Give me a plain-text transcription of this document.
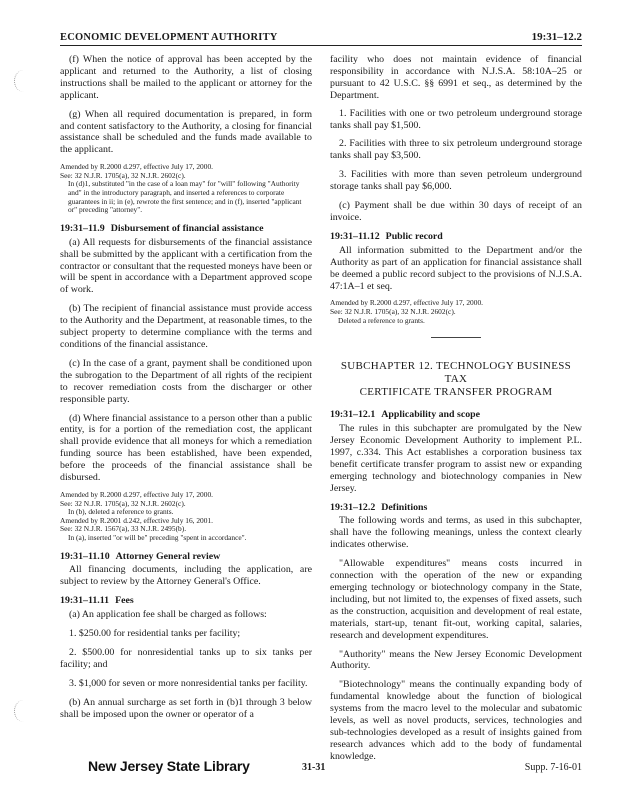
ECONOMIC DEVELOPMENT AUTHORITY	19:31–12.2

(f) When the notice of approval has been accepted by the applicant and returned to the Authority, a list of closing instructions shall be mailed to the applicant or attorney for the applicant.

(g) When all required documentation is prepared, in form and content satisfactory to the Authority, a closing for financial assistance shall be scheduled and the funds made available to the applicant.

Amended by R.2000 d.297, effective July 17, 2000.
See: 32 N.J.R. 1705(a), 32 N.J.R. 2602(c).
In (d)1, substituted "in the case of a loan may" for "will" following "Authority and" in the introductory paragraph, and inserted a references to corporate guarantees in ii; in (e), rewrote the first sentence; and in (f), inserted "applicant or" preceding "attorney".
19:31–11.9 Disbursement of financial assistance

(a) All requests for disbursements of the financial assistance shall be submitted by the applicant with a certification from the contractor or consultant that the requested moneys have been or will be spent in accordance with a Department approved scope of work.

(b) The recipient of financial assistance must provide access to the Authority and the Department, at reasonable times, to the subject property to determine compliance with the terms and conditions of the financial assistance.

(c) In the case of a grant, payment shall be conditioned upon the subrogation to the Department of all rights of the recipient to recover remediation costs from the discharger or other responsible party.

(d) Where financial assistance to a person other than a public entity, is for a portion of the remediation cost, the applicant shall provide evidence that all moneys for which a remediation funding source has been established, have been expended, before the proceeds of the financial assistance shall be disbursed.

Amended by R.2000 d.297, effective July 17, 2000.
See: 32 N.J.R. 1705(a), 32 N.J.R. 2602(c).
In (b), deleted a reference to grants.
Amended by R.2001 d.242, effective July 16, 2001.
See: 32 N.J.R. 1567(a), 33 N.J.R. 2495(b).
In (a), inserted "or will be" preceding "spent in accordance".
19:31–11.10 Attorney General review

All financing documents, including the application, are subject to review by the Attorney General's Office.

19:31–11.11 Fees

(a) An application fee shall be charged as follows:

1. $250.00 for residential tanks per facility;

2. $500.00 for nonresidential tanks up to six tanks per facility; and

3. $1,000 for seven or more nonresidential tanks per facility.

(b) An annual surcharge as set forth in (b)1 through 3 below shall be imposed upon the owner or operator of a

facility who does not maintain evidence of financial responsibility in accordance with N.J.S.A. 58:10A–25 or pursuant to 42 U.S.C. §§ 6991 et seq., as determined by the Department.

1. Facilities with one or two petroleum underground storage tanks shall pay $1,500.

2. Facilities with three to six petroleum underground storage tanks shall pay $3,500.

3. Facilities with more than seven petroleum underground storage tanks shall pay $6,000.

(c) Payment shall be due within 30 days of receipt of an invoice.

19:31–11.12 Public record

All information submitted to the Department and/or the Authority as part of an application for financial assistance shall be deemed a public record subject to the provisions of N.J.S.A. 47:1A–1 et seq.

Amended by R.2000 d.297, effective July 17, 2000.
See: 32 N.J.R. 1705(a), 32 N.J.R. 2602(c).
Deleted a reference to grants.
SUBCHAPTER 12. TECHNOLOGY BUSINESS TAX
CERTIFICATE TRANSFER PROGRAM
19:31–12.1 Applicability and scope

The rules in this subchapter are promulgated by the New Jersey Economic Development Authority to implement P.L. 1997, c.334. This Act establishes a corporation business tax benefit certificate transfer program to assist new or expanding emerging technology and biotechnology companies in New Jersey.

19:31–12.2 Definitions

The following words and terms, as used in this subchapter, shall have the following meanings, unless the context clearly indicates otherwise.

"Allowable expenditures" means costs incurred in connection with the operation of the new or expanding emerging technology or biotechnology company in the State, including, but not limited to, the expenses of fixed assets, such as the construction, acquisition and development of real estate, materials, start-up, tenant fit-out, working capital, salaries, research and development expenditures.

"Authority" means the New Jersey Economic Development Authority.

"Biotechnology" means the continually expanding body of fundamental knowledge about the function of biological systems from the macro level to the molecular and subatomic levels, as well as novel products, services, technologies and sub-technologies developed as a result of insights gained from research advances which add to the body of fundamental knowledge.

New Jersey State Library	31-31	Supp. 7-16-01
